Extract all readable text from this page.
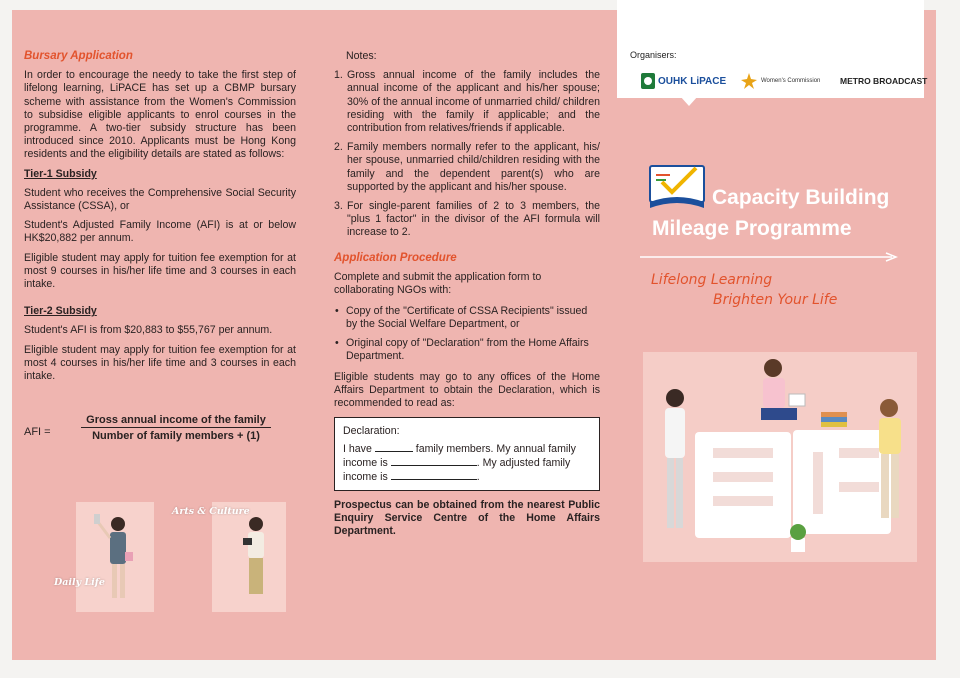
Bursary Application

In order to encourage the needy to take the first step of lifelong learning, LiPACE has set up a CBMP bursary scheme with assistance from the Women's Commission to subsidise eligible applicants to enrol courses in the programme. A two-tier subsidy structure has been introduced since 2010. Applicants must be Hong Kong residents and the eligibility details are stated as follows:

Tier-1 Subsidy

Student who receives the Comprehensive Social Security Assistance (CSSA), or

Student's Adjusted Family Income (AFI) is at or below HK$20,882 per annum.

Eligible student may apply for tuition fee exemption for at most 9 courses in his/her life time and 3 courses in each intake.

Tier-2 Subsidy

Student's AFI is from $20,883 to $55,767 per annum.

Eligible student may apply for tuition fee exemption for at most 4 courses in his/her life time and 3 courses in each intake.

AFI =
Gross annual income of the family
Number of family members + (1)
Daily Life
Arts & Culture

Notes:

1. Gross annual income of the family includes the annual income of the applicant and his/her spouse; 30% of the annual income of unmarried child/ children residing with the family if applicable; and the contribution from relatives/friends if applicable.
2. Family members normally refer to the applicant, his/ her spouse, unmarried child/children residing with the family and the dependent parent(s) who are supported by the applicant and his/her spouse.
3. For single-parent families of 2 to 3 members, the "plus 1 factor" in the divisor of the AFI formula will increase to 2.

Application Procedure

Complete and submit the application form to collaborating NGOs with:

• Copy of the "Certificate of CSSA Recipients" issued by the Social Welfare Department, or
• Original copy of "Declaration" from the Home Affairs Department.

Eligible students may go to any offices of the Home Affairs Department to obtain the Declaration, which is recommended to read as:

Declaration:
I have	family members. My annual family
income is	. My adjusted family
income is	.

Prospectus can be obtained from the nearest Public Enquiry Service Centre of the Home Affairs Department.

Organisers:
OUHK LiPACE	Women's Commission METRO BROADCAST
Capacity Building
Mileage Programme
Lifelong Learning
Brighten Your Life
